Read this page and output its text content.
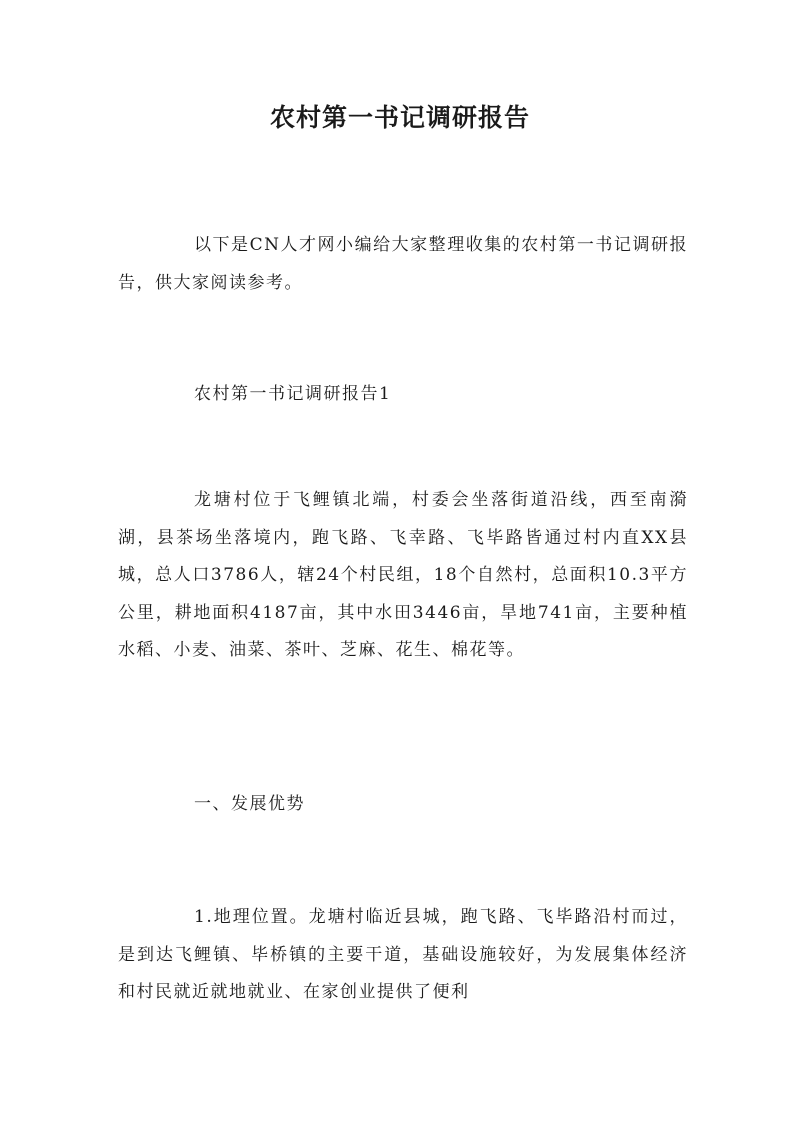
农村第一书记调研报告

以下是CN人才网小编给大家整理收集的农村第一书记调研报告，供大家阅读参考。

农村第一书记调研报告1

龙塘村位于飞鲤镇北端，村委会坐落街道沿线，西至南漪湖，县茶场坐落境内，跑飞路、飞幸路、飞毕路皆通过村内直XX县城，总人口3786人，辖24个村民组，18个自然村，总面积10.3平方公里，耕地面积4187亩，其中水田3446亩，旱地741亩，主要种植水稻、小麦、油菜、茶叶、芝麻、花生、棉花等。

一、发展优势

1.地理位置。龙塘村临近县城，跑飞路、飞毕路沿村而过，是到达飞鲤镇、毕桥镇的主要干道，基础设施较好，为发展集体经济和村民就近就地就业、在家创业提供了便利
